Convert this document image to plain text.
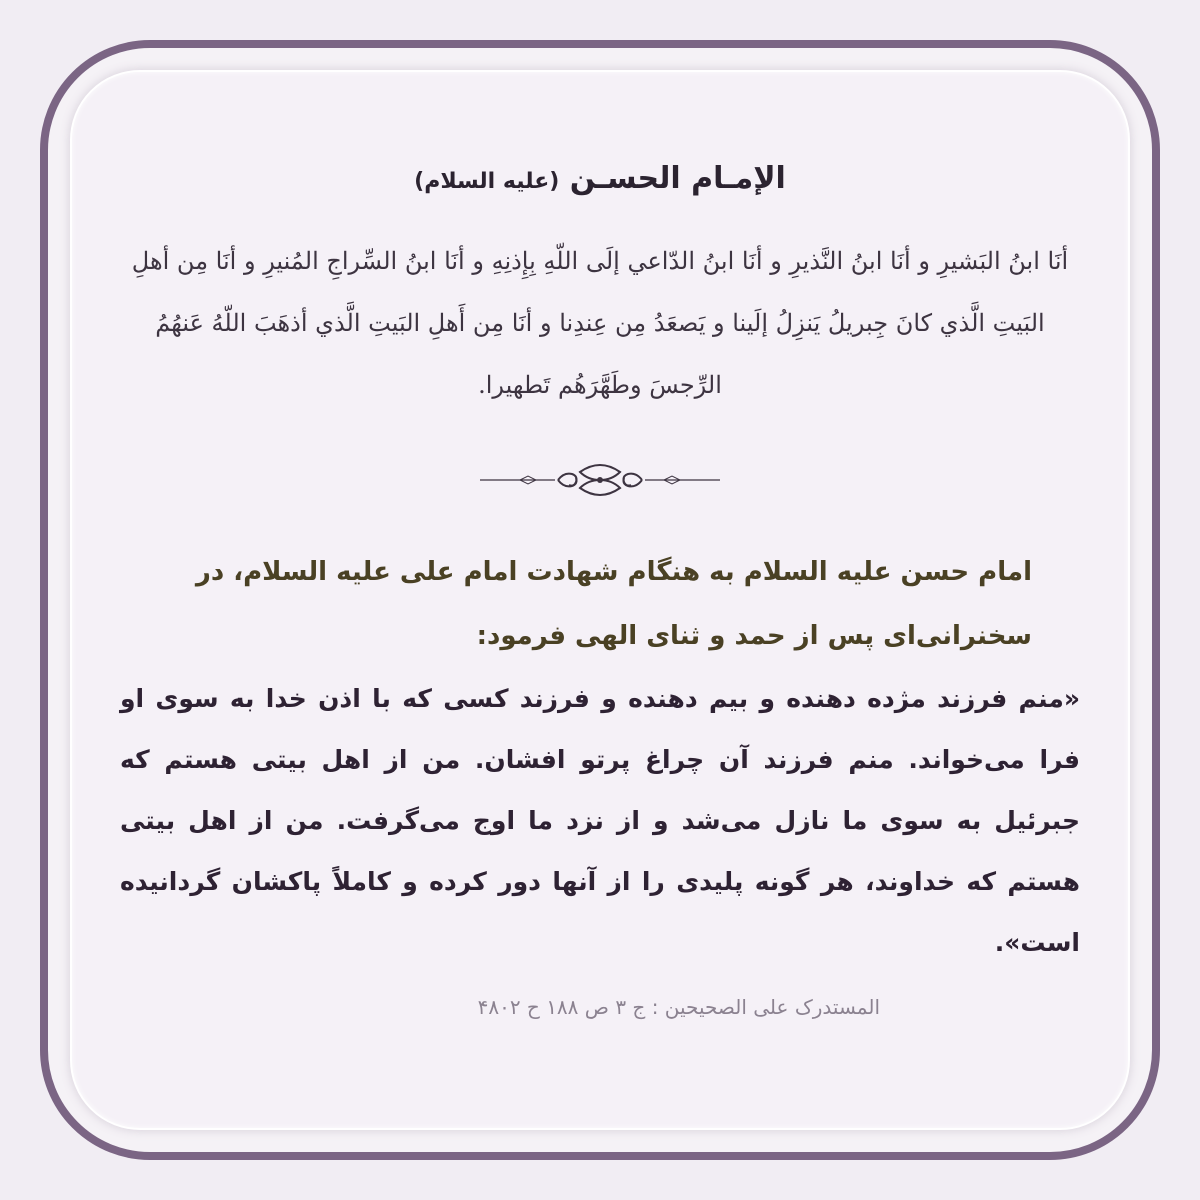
الإمـام الحسـن (علیه السلام)

أنَا ابنُ البَشيرِ و أنَا ابنُ النَّذيرِ و أنَا ابنُ الدّاعي إلَى اللّهِ بِإِذنِهِ و أنَا ابنُ السِّراجِ المُنيرِ و أنَا مِن أهلِ البَيتِ الَّذي كانَ جِبريلُ يَنزِلُ إلَينا و يَصعَدُ مِن عِندِنا و أنَا مِن أَهلِ البَيتِ الَّذي أذهَبَ اللّهُ عَنهُمُ الرِّجسَ وطَهَّرَهُم تَطهيرا.

امام حسن علیه السلام به هنگام شهادت امام علی علیه السلام، در سخنرانی‌ای پس از حمد و ثنای الهی فرمود:

«منم فرزند مژده دهنده و بیم دهنده و فرزند کسی که با اذن خدا به سوی او فرا می‌خواند. منم فرزند آن چراغ پرتو افشان. من از اهل بیتی هستم که جبرئیل به سوی ما نازل می‌شد و از نزد ما اوج می‌گرفت. من از اهل بیتی هستم که خداوند، هر گونه پلیدی را از آنها دور کرده و کاملاً پاکشان گردانیده است».

المستدرک علی الصحیحین : ج ۳ ص ۱۸۸ ح ۴۸۰۲
